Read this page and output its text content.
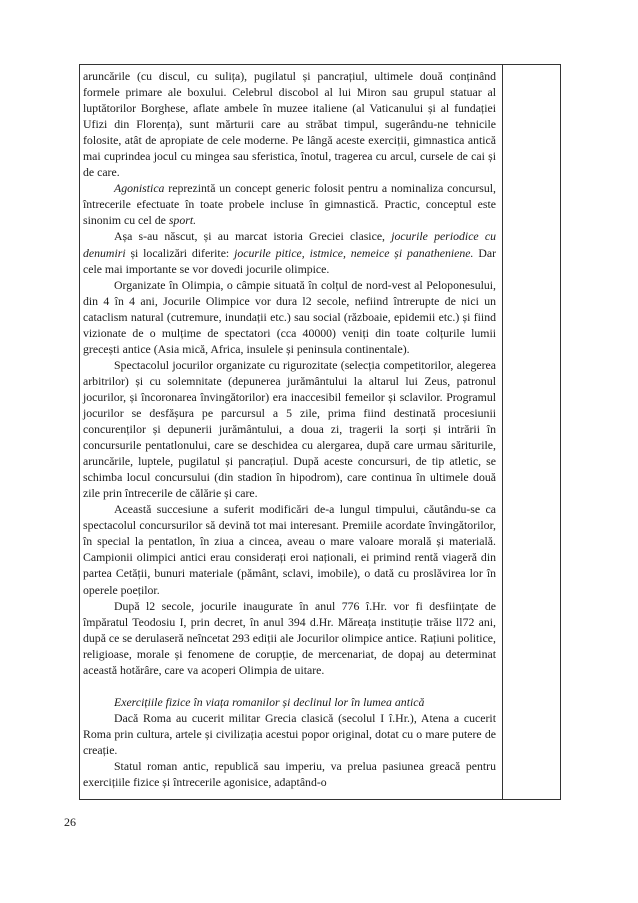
aruncările (cu discul, cu sulița), pugilatul și pancrațiul, ultimele două conținând formele primare ale boxului. Celebrul discobol al lui Miron sau grupul statuar al luptătorilor Borghese, aflate ambele în muzee italiene (al Vaticanului și al fundației Ufizi din Florența), sunt mărturii care au străbat timpul, sugerându-ne tehnicile folosite, atât de apropiate de cele moderne. Pe lângă aceste exerciții, gimnastica antică mai cuprindea jocul cu mingea sau sferistica, înotul, tragerea cu arcul, cursele de cai și de care.

Agonistica reprezintă un concept generic folosit pentru a nominaliza concursul, întrecerile efectuate în toate probele incluse în gimnastică. Practic, conceptul este sinonim cu cel de sport.

Așa s-au născut, și au marcat istoria Greciei clasice, jocurile periodice cu denumiri și localizări diferite: jocurile pitice, istmice, nemeice și panatheniene. Dar cele mai importante se vor dovedi jocurile olimpice.

Organizate în Olimpia, o câmpie situată în colțul de nord-vest al Peloponesului, din 4 în 4 ani, Jocurile Olimpice vor dura l2 secole, nefiind întrerupte de nici un cataclism natural (cutremure, inundații etc.) sau social (războaie, epidemii etc.) și fiind vizionate de o mulțime de spectatori (cca 40000) veniți din toate colțurile lumii grecești antice (Asia mică, Africa, insulele și peninsula continentale).

Spectacolul jocurilor organizate cu rigurozitate (selecția competitorilor, alegerea arbitrilor) și cu solemnitate (depunerea jurământului la altarul lui Zeus, patronul jocurilor, și încoronarea învingătorilor) era inaccesibil femeilor și sclavilor. Programul jocurilor se desfășura pe parcursul a 5 zile, prima fiind destinată procesiunii concurenților și depunerii jurământului, a doua zi, tragerii la sorți și intrării în concursurile pentatlonului, care se deschidea cu alergarea, după care urmau săriturile, aruncările, luptele, pugilatul și pancrațiul. După aceste concursuri, de tip atletic, se schimba locul concursului (din stadion în hipodrom), care continua în ultimele două zile prin întrecerile de călărie și care.

Această succesiune a suferit modificări de-a lungul timpului, căutându-se ca spectacolul concursurilor să devină tot mai interesant. Premiile acordate învingătorilor, în special la pentatlon, în ziua a cincea, aveau o mare valoare morală și materială. Campionii olimpici antici erau considerați eroi naționali, ei primind rentă viageră din partea Cetății, bunuri materiale (pământ, sclavi, imobile), o dată cu proslăvirea lor în operele poeților.

După l2 secole, jocurile inaugurate în anul 776 î.Hr. vor fi desființate de împăratul Teodosiu I, prin decret, în anul 394 d.Hr. Măreața instituție trăise ll72 ani, după ce se derulaseră neîncetat 293 ediții ale Jocurilor olimpice antice. Rațiuni politice, religioase, morale și fenomene de corupție, de mercenariat, de dopaj au determinat această hotărâre, care va acoperi Olimpia de uitare.

Exercițiile fizice în viața romanilor și declinul lor în lumea antică

Dacă Roma au cucerit militar Grecia clasică (secolul I î.Hr.), Atena a cucerit Roma prin cultura, artele și civilizația acestui popor original, dotat cu o mare putere de creație.

Statul roman antic, republică sau imperiu, va prelua pasiunea greacă pentru exercițiile fizice și întrecerile agonisice, adaptând-o

26
